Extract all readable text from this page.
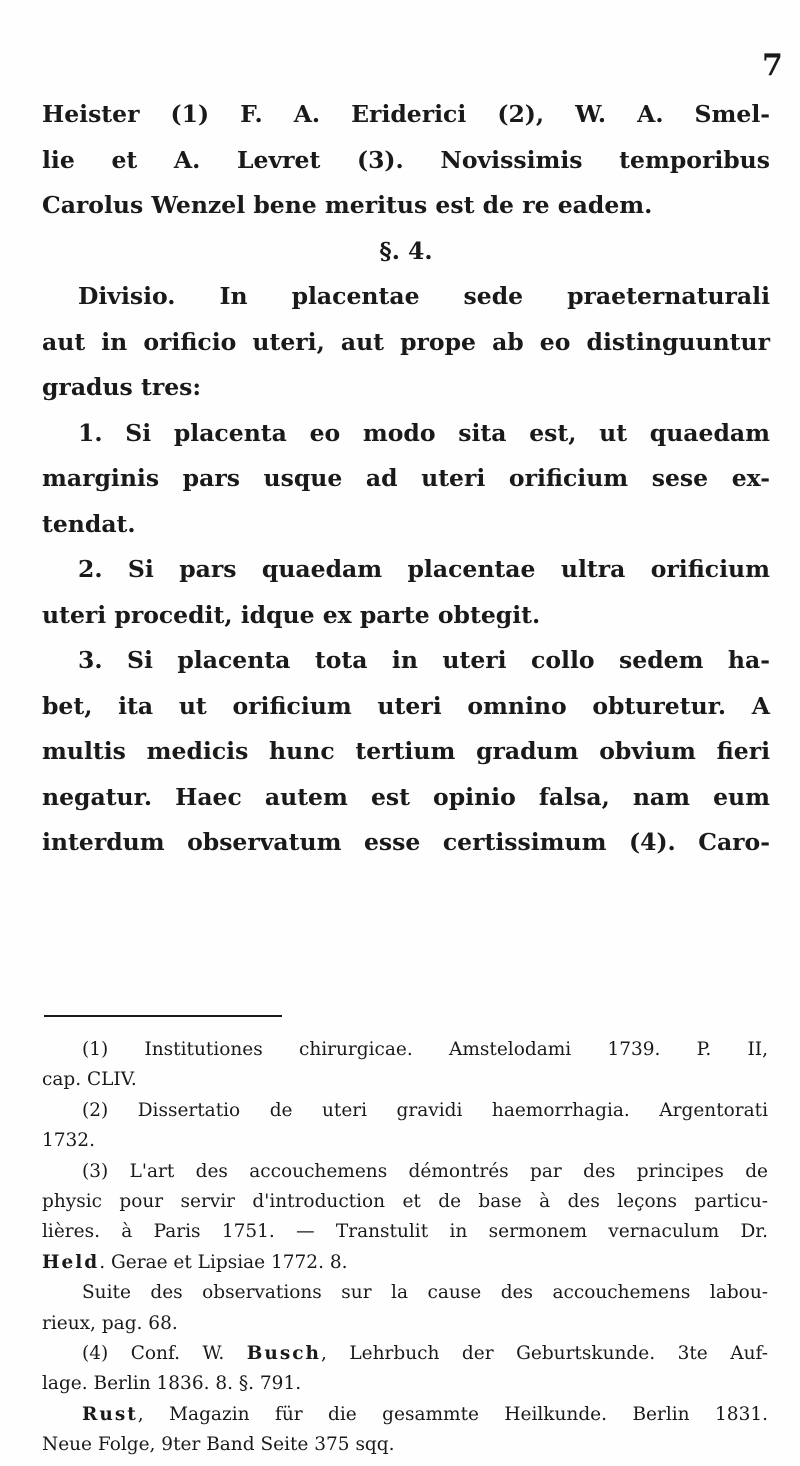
7

Heister (1) F. A. Eriderici (2), W. A. Smel-

lie et A. Levret (3). Novissimis temporibus

Carolus Wenzel bene meritus est de re eadem.

§. 4.

Divisio. In placentae sede praeternaturali

aut in orificio uteri, aut prope ab eo distinguuntur

gradus tres:

1. Si placenta eo modo sita est, ut quaedam

marginis pars usque ad uteri orificium sese ex-

tendat.

2. Si pars quaedam placentae ultra orificium

uteri procedit, idque ex parte obtegit.

3. Si placenta tota in uteri collo sedem ha-

bet, ita ut orificium uteri omnino obturetur. A

multis medicis hunc tertium gradum obvium fieri

negatur. Haec autem est opinio falsa, nam eum

interdum observatum esse certissimum (4). Caro-

(1) Institutiones chirurgicae. Amstelodami 1739. P. II,

cap. CLIV.

(2) Dissertatio de uteri gravidi haemorrhagia. Argentorati

1732.

(3) L'art des accouchemens démontrés par des principes de

physic pour servir d'introduction et de base à des leçons particu-

lières. à Paris 1751. — Transtulit in sermonem vernaculum Dr.

Held. Gerae et Lipsiae 1772. 8.

Suite des observations sur la cause des accouchemens labou-

rieux, pag. 68.

(4) Conf. W. Busch, Lehrbuch der Geburtskunde. 3te Auf-

lage. Berlin 1836. 8. §. 791.

Rust, Magazin für die gesammte Heilkunde. Berlin 1831.

Neue Folge, 9ter Band Seite 375 sqq.
